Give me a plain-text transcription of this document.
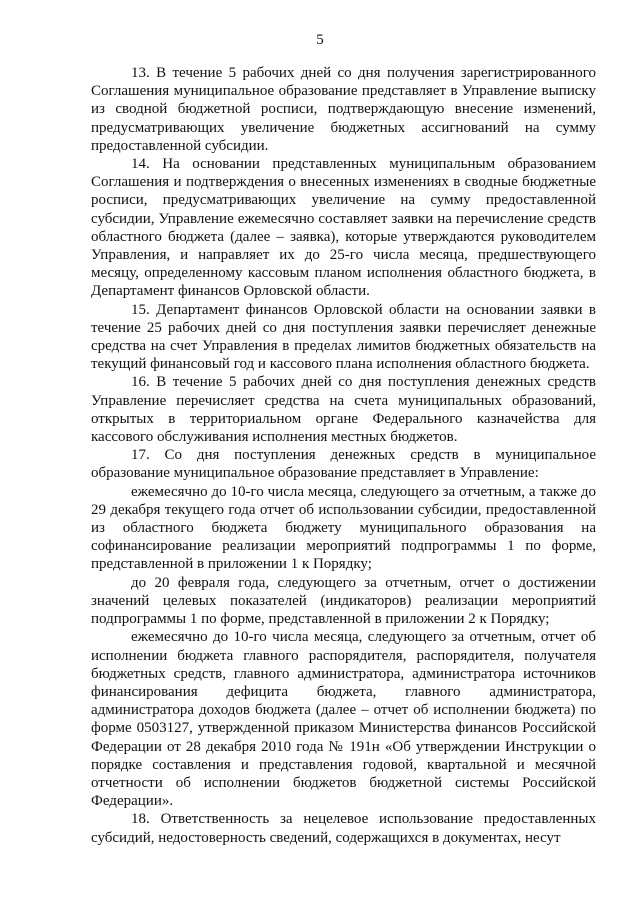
5

13. В течение 5 рабочих дней со дня получения зарегистрированного Соглашения муниципальное образование представляет в Управление выписку из сводной бюджетной росписи, подтверждающую внесение изменений, предусматривающих увеличение бюджетных ассигнований на сумму предоставленной субсидии.

14. На основании представленных муниципальным образованием Соглашения и подтверждения о внесенных изменениях в сводные бюджетные росписи, предусматривающих увеличение на сумму предоставленной субсидии, Управление ежемесячно составляет заявки на перечисление средств областного бюджета (далее – заявка), которые утверждаются руководителем Управления, и направляет их до 25-го числа месяца, предшествующего месяцу, определенному кассовым планом исполнения областного бюджета, в Департамент финансов Орловской области.

15. Департамент финансов Орловской области на основании заявки в течение 25 рабочих дней со дня поступления заявки перечисляет денежные средства на счет Управления в пределах лимитов бюджетных обязательств на текущий финансовый год и кассового плана исполнения областного бюджета.

16. В течение 5 рабочих дней со дня поступления денежных средств Управление перечисляет средства на счета муниципальных образований, открытых в территориальном органе Федерального казначейства для кассового обслуживания исполнения местных бюджетов.

17. Со дня поступления денежных средств в муниципальное образование муниципальное образование представляет в Управление:

ежемесячно до 10-го числа месяца, следующего за отчетным, а также до 29 декабря текущего года отчет об использовании субсидии, предоставленной из областного бюджета бюджету муниципального образования на софинансирование реализации мероприятий подпрограммы 1 по форме, представленной в приложении 1 к Порядку;

до 20 февраля года, следующего за отчетным, отчет о достижении значений целевых показателей (индикаторов) реализации мероприятий подпрограммы 1 по форме, представленной в приложении 2 к Порядку;

ежемесячно до 10-го числа месяца, следующего за отчетным, отчет об исполнении бюджета главного распорядителя, распорядителя, получателя бюджетных средств, главного администратора, администратора источников финансирования дефицита бюджета, главного администратора, администратора доходов бюджета (далее – отчет об исполнении бюджета) по форме 0503127, утвержденной приказом Министерства финансов Российской Федерации от 28 декабря 2010 года № 191н «Об утверждении Инструкции о порядке составления и представления годовой, квартальной и месячной отчетности об исполнении бюджетов бюджетной системы Российской Федерации».

18. Ответственность за нецелевое использование предоставленных субсидий, недостоверность сведений, содержащихся в документах, несут
